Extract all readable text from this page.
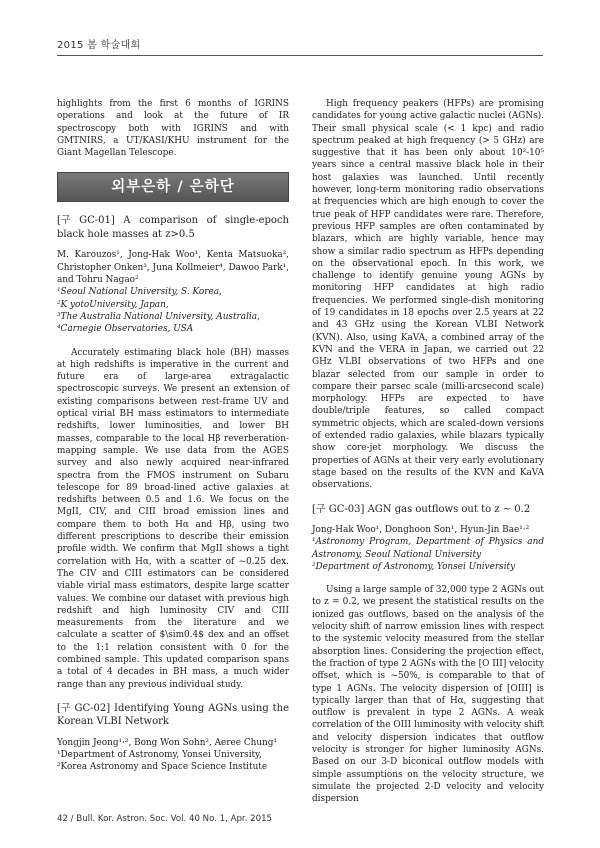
2015 봄 학술대회

highlights from the first 6 months of IGRINS operations and look at the future of IR spectroscopy both with IGRINS and with GMTNIRS, a UT/KASI/KHU instrument for the Giant Magellan Telescope.

외부은하 / 은하단

[구 GC-01] A comparison of single-epoch black hole masses at z>0.5

M. Karouzos¹, Jong-Hak Woo¹, Kenta Matsuoka², Christopher Onken³, Juna Kollmeier⁴, Dawoo Park¹, and Tohru Nagao²

¹Seoul National University, S. Korea,

²K yotoUniversity, Japan,

³The Australia National University, Australia,

⁴Carnegie Observatories, USA

Accurately estimating black hole (BH) masses at high redshifts is imperative in the current and future era of large-area extragalactic spectroscopic surveys. We present an extension of existing comparisons between rest-frame UV and optical virial BH mass estimators to intermediate redshifts, lower luminosities, and lower BH masses, comparable to the local Hβ reverberation-mapping sample. We use data from the AGES survey and also newly acquired near-infrared spectra from the FMOS instrument on Subaru telescope for 89 broad-lined active galaxies at redshifts between 0.5 and 1.6. We focus on the MgII, CIV, and CIII broad emission lines and compare them to both Hα and Hβ, using two different prescriptions to describe their emission profile width. We confirm that MgII shows a tight correlation with Hα, with a scatter of ~0.25 dex. The CIV and CIII estimators can be considered viable virial mass estimators, despite large scatter values. We combine our dataset with previous high redshift and high luminosity CIV and CIII measurements from the literature and we calculate a scatter of $\sim0.4$ dex and an offset to the 1:1 relation consistent with 0 for the combined sample. This updated comparison spans a total of 4 decades in BH mass, a much wider range than any previous individual study.

[구 GC-02] Identifying Young AGNs using the Korean VLBI Network

Yongjin Jeong¹·², Bong Won Sohn², Aeree Chung¹

¹Department of Astronomy, Yonsei University,

²Korea Astronomy and Space Science Institute

High frequency peakers (HFPs) are promising candidates for young active galactic nuclei (AGNs). Their small physical scale (< 1 kpc) and radio spectrum peaked at high frequency (> 5 GHz) are suggestive that it has been only about 10²-10⁵ years since a central massive black hole in their host galaxies was launched. Until recently however, long-term monitoring radio observations at frequencies which are high enough to cover the true peak of HFP candidates were rare. Therefore, previous HFP samples are often contaminated by blazars, which are highly variable, hence may show a similar radio spectrum as HFPs depending on the observational epoch. In this work, we challenge to identify genuine young AGNs by monitoring HFP candidates at high radio frequencies. We performed single-dish monitoring of 19 candidates in 18 epochs over 2.5 years at 22 and 43 GHz using the Korean VLBI Network (KVN). Also, using KaVA, a combined array of the KVN and the VERA in Japan, we carried out 22 GHz VLBI observations of two HFPs and one blazar selected from our sample in order to compare their parsec scale (milli-arcsecond scale) morphology. HFPs are expected to have double/triple features, so called compact symmetric objects, which are scaled-down versions of extended radio galaxies, while blazars typically show core-jet morphology. We discuss the properties of AGNs at their very early evolutionary stage based on the results of the KVN and KaVA observations.

[구 GC-03] AGN gas outflows out to z ~ 0.2

Jong-Hak Woo¹, Donghoon Son¹, Hyun-Jin Bae¹·²

¹Astronomy Program, Department of Physics and Astronomy, Seoul National University

²Department of Astronomy, Yonsei University

Using a large sample of 32,000 type 2 AGNs out to z = 0.2, we present the statistical results on the ionized gas outflows, based on the analysis of the velocity shift of narrow emission lines with respect to the systemic velocity measured from the stellar absorption lines. Considering the projection effect, the fraction of type 2 AGNs with the [O III] velocity offset, which is ~50%, is comparable to that of type 1 AGNs. The velocity dispersion of [OIII] is typically larger than that of Hα, suggesting that outflow is prevalent in type 2 AGNs. A weak correlation of the OIII luminosity with velocity shift and velocity dispersion indicates that outflow velocity is stronger for higher luminosity AGNs. Based on our 3-D biconical outflow models with simple assumptions on the velocity structure, we simulate the projected 2-D velocity and velocity dispersion

42 / Bull. Kor. Astron. Soc. Vol. 40 No. 1, Apr. 2015
